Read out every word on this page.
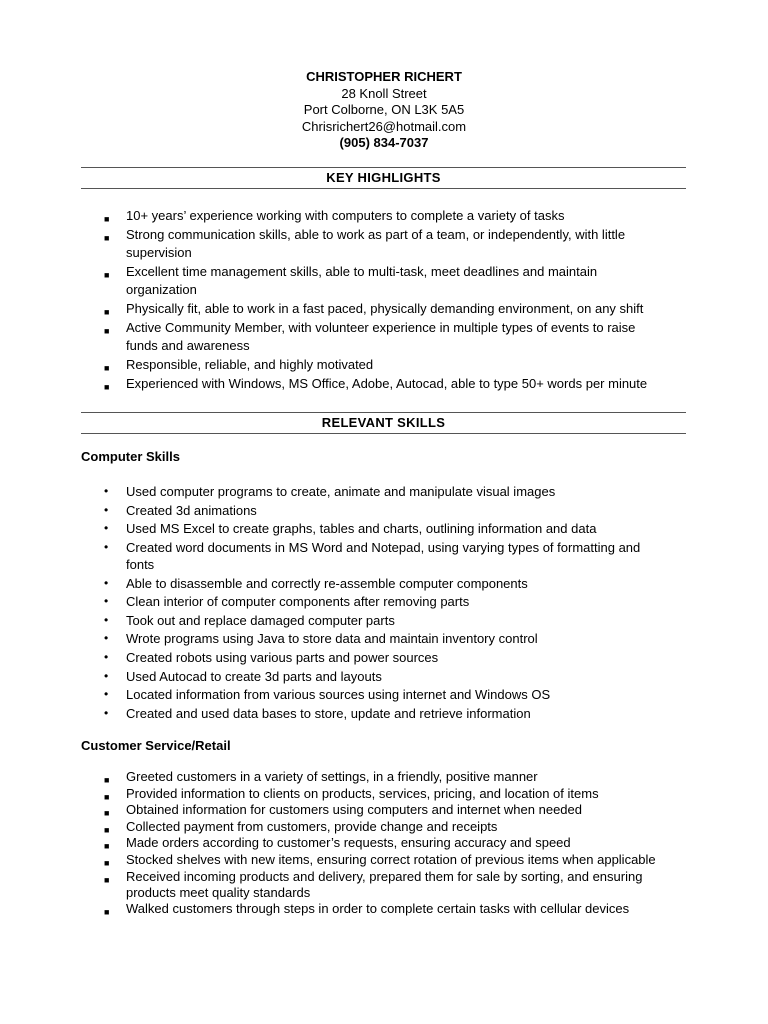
CHRISTOPHER RICHERT
28 Knoll Street
Port Colborne, ON L3K 5A5
Chrisrichert26@hotmail.com
(905) 834-7037
KEY HIGHLIGHTS
■ 10+ years’ experience working with computers to complete a variety of tasks
■ Strong communication skills, able to work as part of a team, or independently, with little supervision
■ Excellent time management skills, able to multi-task, meet deadlines and maintain organization
■ Physically fit, able to work in a fast paced, physically demanding environment, on any shift
■ Active Community Member, with volunteer experience in multiple types of events to raise funds and awareness
■ Responsible, reliable, and highly motivated
■ Experienced with Windows, MS Office, Adobe, Autocad, able to type 50+ words per minute
RELEVANT SKILLS
Computer Skills
• Used computer programs to create, animate and manipulate visual images
• Created 3d animations
• Used MS Excel to create graphs, tables and charts, outlining information and data
• Created word documents in MS Word and Notepad, using varying types of formatting and fonts
• Able to disassemble and correctly re-assemble computer components
• Clean interior of computer components after removing parts
• Took out and replace damaged computer parts
• Wrote programs using Java to store data and maintain inventory control
• Created robots using various parts and power sources
• Used Autocad to create 3d parts and layouts
• Located information from various sources using internet and Windows OS
• Created and used data bases to store, update and retrieve information
Customer Service/Retail
■ Greeted customers in a variety of settings, in a friendly, positive manner
■ Provided information to clients on products, services, pricing, and location of items
■ Obtained information for customers using computers and internet when needed
■ Collected payment from customers, provide change and receipts
■ Made orders according to customer’s requests, ensuring accuracy and speed
■ Stocked shelves with new items, ensuring correct rotation of previous items when applicable
■ Received incoming products and delivery, prepared them for sale by sorting, and ensuring products meet quality standards
■ Walked customers through steps in order to complete certain tasks with cellular devices
